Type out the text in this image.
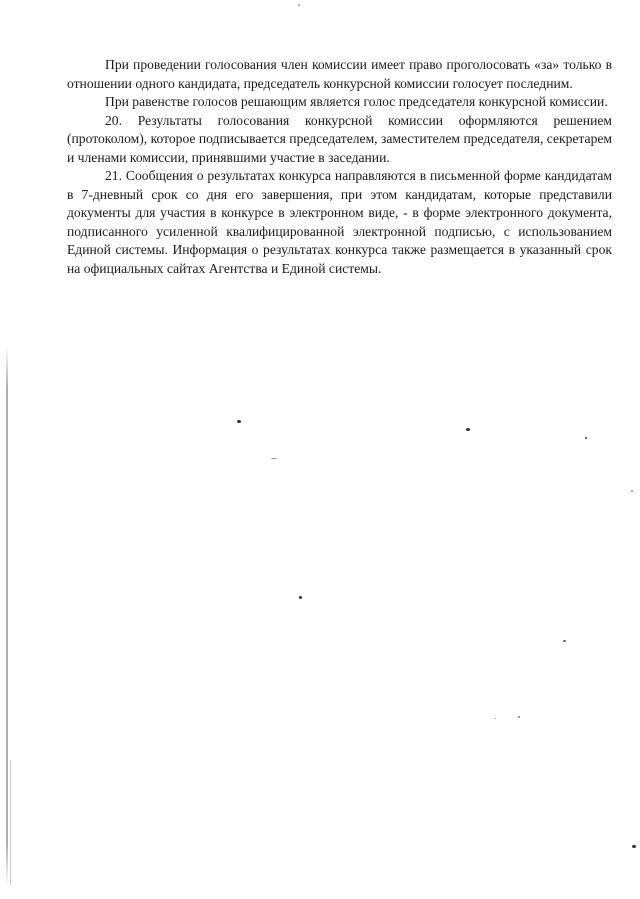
При проведении голосования член комиссии имеет право проголосовать «за» только в отношении одного кандидата, председатель конкурсной комиссии голосует последним.

При равенстве голосов решающим является голос председателя конкурсной комиссии.

20. Результаты голосования конкурсной комиссии оформляются решением (протоколом), которое подписывается председателем, заместителем председателя, секретарем и членами комиссии, принявшими участие в заседании.

21. Сообщения о результатах конкурса направляются в письменной форме кандидатам в 7-дневный срок со дня его завершения, при этом кандидатам, которые представили документы для участия в конкурсе в электронном виде, - в форме электронного документа, подписанного усиленной квалифицированной электронной подписью, с использованием Единой системы. Информация о результатах конкурса также размещается в указанный срок на официальных сайтах Агентства и Единой системы.
